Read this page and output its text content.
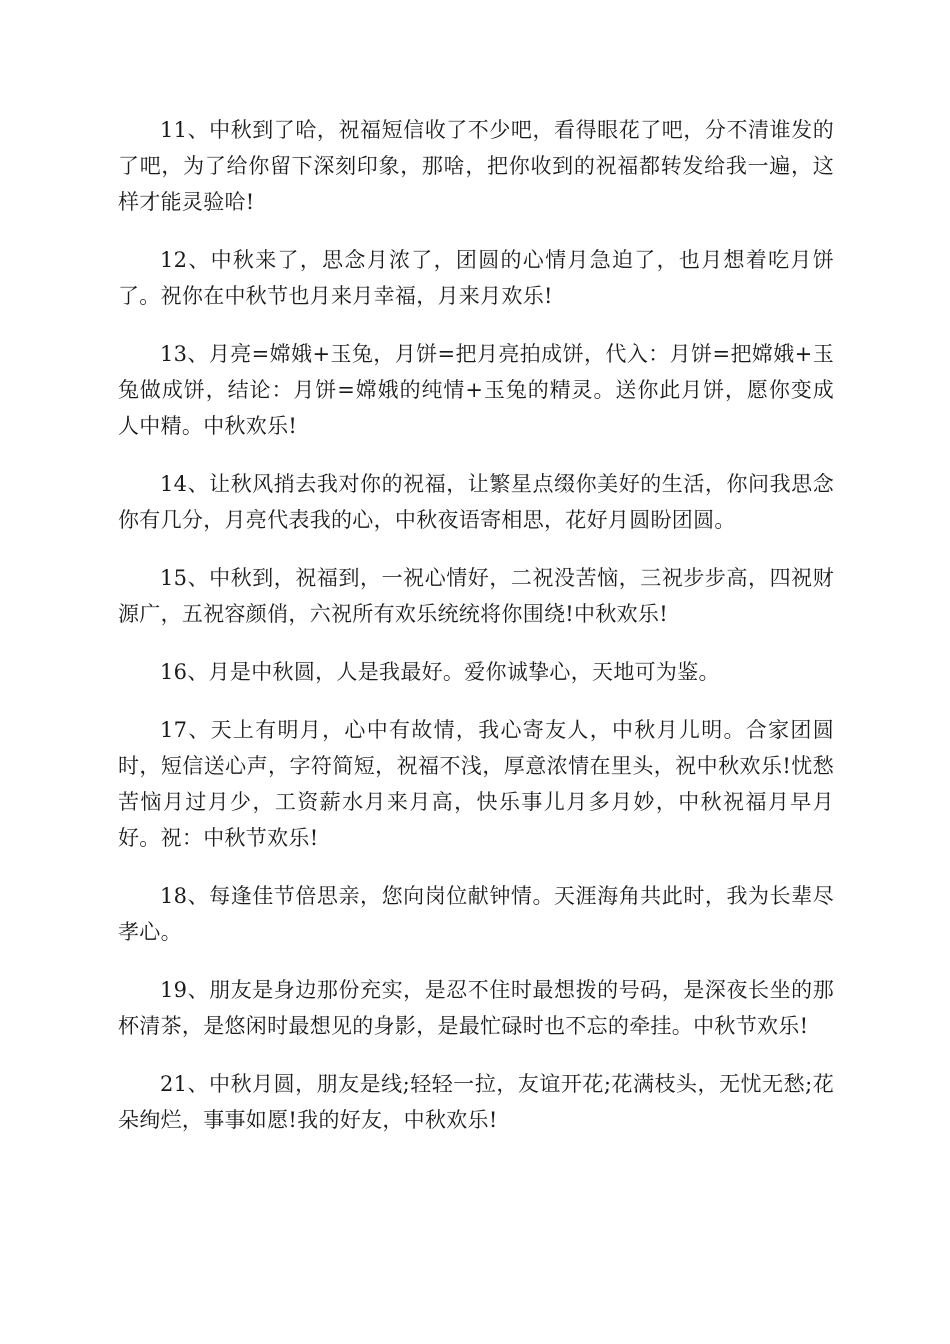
11、中秋到了哈，祝福短信收了不少吧，看得眼花了吧，分不清谁发的了吧，为了给你留下深刻印象，那啥，把你收到的祝福都转发给我一遍，这样才能灵验哈!

12、中秋来了，思念月浓了，团圆的心情月急迫了，也月想着吃月饼了。祝你在中秋节也月来月幸福，月来月欢乐!

13、月亮=嫦娥+玉兔，月饼=把月亮拍成饼，代入：月饼=把嫦娥+玉兔做成饼，结论：月饼=嫦娥的纯情+玉兔的精灵。送你此月饼，愿你变成人中精。中秋欢乐!

14、让秋风捎去我对你的祝福，让繁星点缀你美好的生活，你问我思念你有几分，月亮代表我的心，中秋夜语寄相思，花好月圆盼团圆。

15、中秋到，祝福到，一祝心情好，二祝没苦恼，三祝步步高，四祝财源广，五祝容颜俏，六祝所有欢乐统统将你围绕!中秋欢乐!

16、月是中秋圆，人是我最好。爱你诚挚心，天地可为鉴。

17、天上有明月，心中有故情，我心寄友人，中秋月儿明。合家团圆时，短信送心声，字符简短，祝福不浅，厚意浓情在里头，祝中秋欢乐!忧愁苦恼月过月少，工资薪水月来月高，快乐事儿月多月妙，中秋祝福月早月好。祝：中秋节欢乐!

18、每逢佳节倍思亲，您向岗位献钟情。天涯海角共此时，我为长辈尽孝心。

19、朋友是身边那份充实，是忍不住时最想拨的号码，是深夜长坐的那杯清茶，是悠闲时最想见的身影，是最忙碌时也不忘的牵挂。中秋节欢乐!

21、中秋月圆，朋友是线;轻轻一拉，友谊开花;花满枝头，无忧无愁;花朵绚烂，事事如愿!我的好友，中秋欢乐!
